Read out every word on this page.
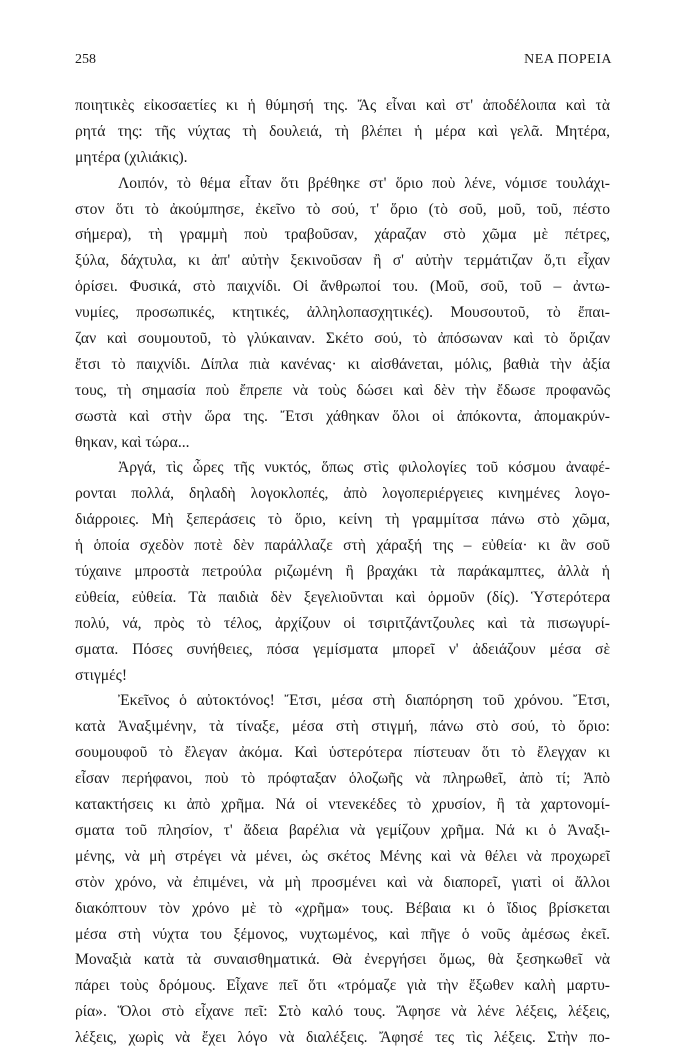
258	ΝΕΑ ΠΟΡΕΙΑ
ποιητικὲς εἰκοσαετίες κι ἡ θύμησή της. Ἄς εἶναι καὶ στ' ἀποδέλοιπα καὶ τὰ
ρητά της: τῆς νύχτας τὴ δουλειά, τὴ βλέπει ἡ μέρα καὶ γελᾶ. Μητέρα,
μητέρα (χιλιάκις).
Λοιπόν, τὸ θέμα εἶταν ὅτι βρέθηκε στ' ὅριο ποὺ λένε, νόμισε τουλάχι-
στον ὅτι τὸ ἀκούμπησε, ἐκεῖνο τὸ σού, τ' ὅριο (τὸ σοῦ, μοῦ, τοῦ, πέστο
σήμερα), τὴ γραμμὴ ποὺ τραβοῦσαν, χάραζαν στὸ χῶμα μὲ πέτρες,
ξύλα, δάχτυλα, κι ἀπ' αὐτὴν ξεκινοῦσαν ἢ σ' αὐτὴν τερμάτιζαν ὅ,τι εἶχαν
ὁρίσει. Φυσικά, στὸ παιχνίδι. Οἱ ἄνθρωποί του. (Μοῦ, σοῦ, τοῦ – ἀντω-
νυμίες, προσωπικές, κτητικές, ἀλληλοπασχητικές). Μουσουτοῦ, τὸ ἔπαι-
ζαν καὶ σουμουτοῦ, τὸ γλύκαιναν. Σκέτο σού, τὸ ἀπόσωναν καὶ τὸ ὅριζαν
ἔτσι τὸ παιχνίδι. Δίπλα πιὰ κανένας· κι αἰσθάνεται, μόλις, βαθιὰ τὴν ἀξία
τους, τὴ σημασία ποὺ ἔπρεπε νὰ τοὺς δώσει καὶ δὲν τὴν ἔδωσε προφανῶς
σωστὰ καὶ στὴν ὥρα της. Ἔτσι χάθηκαν ὅλοι οἱ ἀπόκοντα, ἀπομακρύν-
θηκαν, καὶ τώρα...
Ἀργά, τὶς ὧρες τῆς νυκτός, ὅπως στὶς φιλολογίες τοῦ κόσμου ἀναφέ-
ρονται πολλά, δηλαδὴ λογοκλοπές, ἀπὸ λογοπεριέργειες κινημένες λογο-
διάρροιες. Μὴ ξεπεράσεις τὸ ὅριο, κείνη τὴ γραμμίτσα πάνω στὸ χῶμα,
ἡ ὁποία σχεδὸν ποτὲ δὲν παράλλαζε στὴ χάραξή της – εὐθεία· κι ἂν σοῦ
τύχαινε μπροστὰ πετρούλα ριζωμένη ἢ βραχάκι τὰ παράκαμπτες, ἀλλὰ ἡ
εὐθεία, εὐθεία. Τὰ παιδιὰ δὲν ξεγελιοῦνται καὶ ὁρμοῦν (δίς). Ὑστερότερα
πολύ, νά, πρὸς τὸ τέλος, ἀρχίζουν οἱ τσιριτζάντζουλες καὶ τὰ πισωγυρί-
σματα. Πόσες συνήθειες, πόσα γεμίσματα μπορεῖ ν' ἀδειάζουν μέσα σὲ
στιγμές!
Ἐκεῖνος ὁ αὐτοκτόνος! Ἔτσι, μέσα στὴ διαπόρηση τοῦ χρόνου. Ἔτσι,
κατὰ Ἀναξιμένην, τὰ τίναξε, μέσα στὴ στιγμή, πάνω στὸ σού, τὸ ὅριο:
σουμουφοῦ τὸ ἔλεγαν ἀκόμα. Καὶ ὑστερότερα πίστευαν ὅτι τὸ ἔλεγχαν κι
εἶσαν περήφανοι, ποὺ τὸ πρόφταξαν ὁλοζωῆς νὰ πληρωθεῖ, ἀπὸ τί; Ἀπὸ
κατακτήσεις κι ἀπὸ χρῆμα. Νά οἱ ντενεκέδες τὸ χρυσίον, ἢ τὰ χαρτονομί-
σματα τοῦ πλησίον, τ' ἄδεια βαρέλια νὰ γεμίζουν χρῆμα. Νά κι ὁ Ἀναξι-
μένης, νὰ μὴ στρέγει νὰ μένει, ὡς σκέτος Μένης καὶ νὰ θέλει νὰ προχωρεῖ
στὸν χρόνο, νὰ ἐπιμένει, νὰ μὴ προσμένει καὶ νὰ διαπορεῖ, γιατὶ οἱ ἄλλοι
διακόπτουν τὸν χρόνο μὲ τὸ «χρῆμα» τους. Βέβαια κι ὁ ἴδιος βρίσκεται
μέσα στὴ νύχτα του ξέμονος, νυχτωμένος, καὶ πῆγε ὁ νοῦς ἀμέσως ἐκεῖ.
Μοναξιὰ κατὰ τὰ συναισθηματικά. Θὰ ἐνεργήσει ὅμως, θὰ ξεσηκωθεῖ νὰ
πάρει τοὺς δρόμους. Εἶχανε πεῖ ὅτι «τρόμαζε γιὰ τὴν ἔξωθεν καλὴ μαρτυ-
ρία». Ὅλοι στὸ εἶχανε πεῖ: Στὸ καλό τους. Ἄφησε νὰ λένε λέξεις, λέξεις,
λέξεις, χωρὶς νὰ ἔχει λόγο νὰ διαλέξεις. Ἄφησέ τες τὶς λέξεις. Στὴν πο-
